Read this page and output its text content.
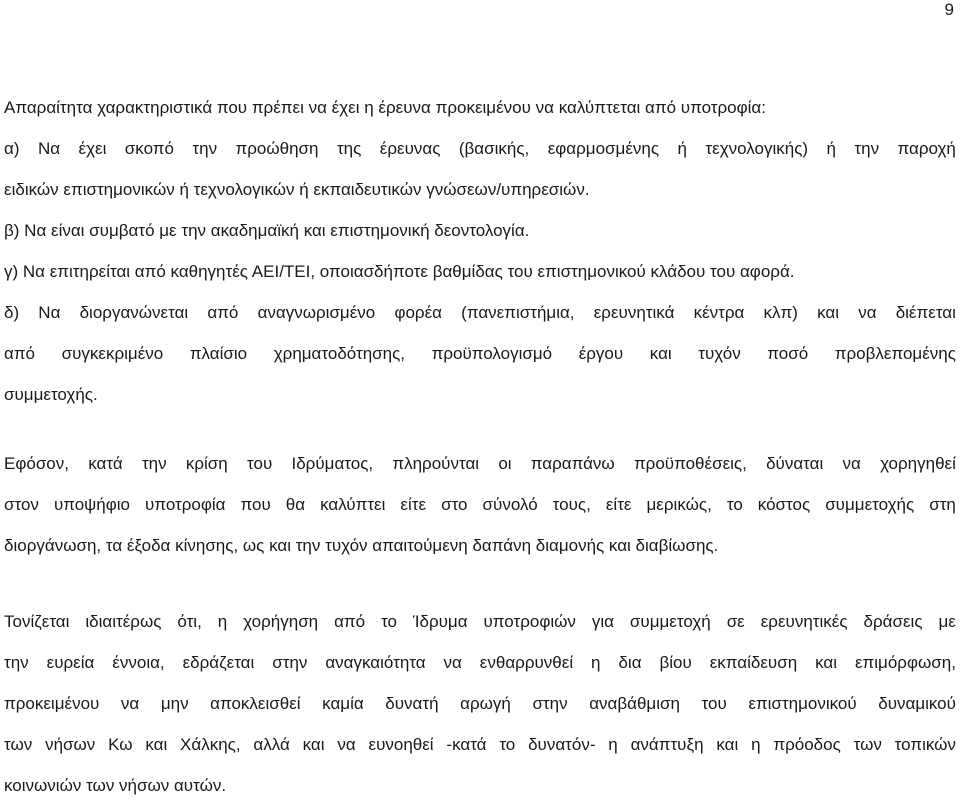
9
Απαραίτητα χαρακτηριστικά που πρέπει να έχει η έρευνα προκειμένου να καλύπτεται από υποτροφία:
α) Να έχει σκοπό την προώθηση της έρευνας (βασικής, εφαρμοσμένης ή τεχνολογικής) ή την παροχή
ειδικών επιστημονικών ή τεχνολογικών ή εκπαιδευτικών γνώσεων/υπηρεσιών.
β) Να είναι συμβατό με την ακαδημαϊκή και επιστημονική δεοντολογία.
γ) Να επιτηρείται από καθηγητές ΑΕΙ/ΤΕΙ, οποιασδήποτε βαθμίδας του επιστημονικού κλάδου του αφορά.
δ) Να διοργανώνεται από αναγνωρισμένο φορέα (πανεπιστήμια, ερευνητικά κέντρα κλπ) και να διέπεται
από συγκεκριμένο πλαίσιο χρηματοδότησης, προϋπολογισμό έργου και τυχόν ποσό προβλεπομένης
συμμετοχής.
Εφόσον, κατά την κρίση του Ιδρύματος, πληρούνται οι παραπάνω προϋποθέσεις, δύναται να χορηγηθεί
στον υποψήφιο υποτροφία που θα καλύπτει είτε στο σύνολό τους, είτε μερικώς, το κόστος συμμετοχής στη
διοργάνωση, τα έξοδα κίνησης, ως και την τυχόν απαιτούμενη δαπάνη διαμονής και διαβίωσης.
Τονίζεται ιδιαιτέρως ότι, η χορήγηση από το Ίδρυμα υποτροφιών για συμμετοχή σε ερευνητικές δράσεις με
την ευρεία έννοια, εδράζεται στην αναγκαιότητα να ενθαρρυνθεί η δια βίου εκπαίδευση και επιμόρφωση,
προκειμένου να μην αποκλεισθεί καμία δυνατή αρωγή στην αναβάθμιση του επιστημονικού δυναμικού
των νήσων Κω και Χάλκης, αλλά και να ευνοηθεί -κατά το δυνατόν- η ανάπτυξη και η πρόοδος των τοπικών
κοινωνιών των νήσων αυτών.
